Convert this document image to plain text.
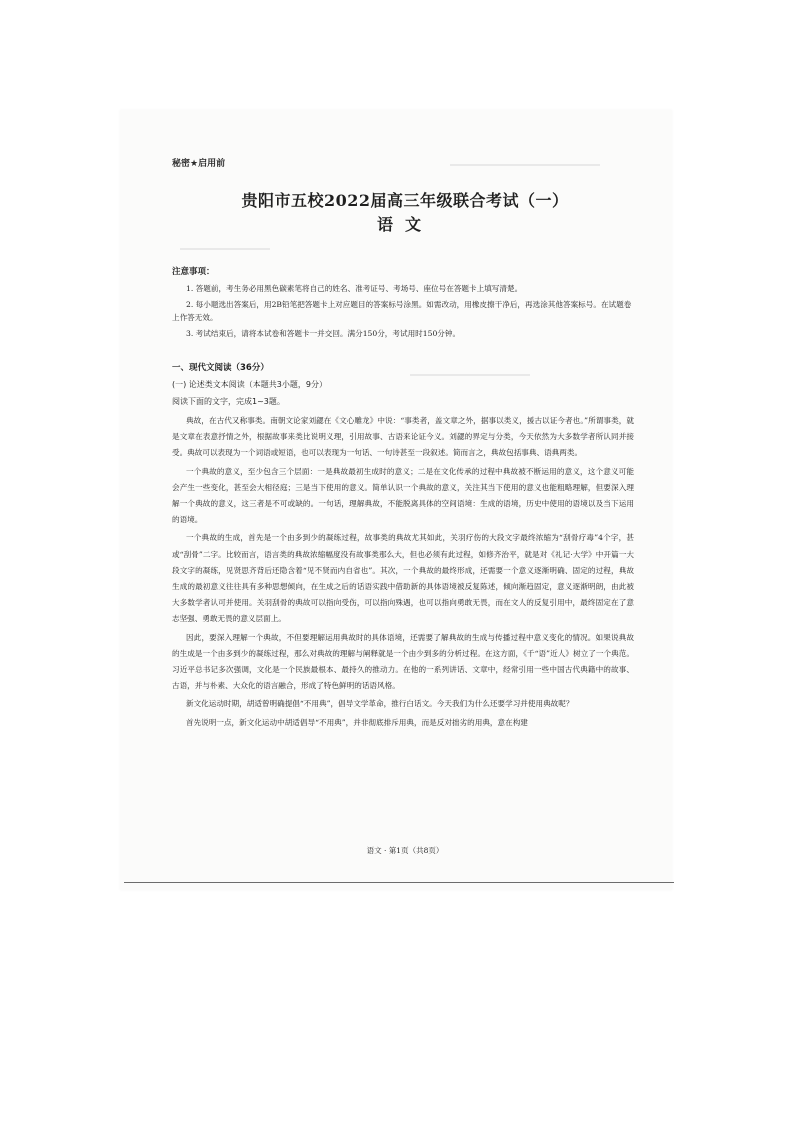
秘密★启用前
贵阳市五校2022届高三年级联合考试（一）
语文
注意事项：

1. 答题前，考生务必用黑色碳素笔将自己的姓名、准考证号、考场号、座位号在答题卡上填写清楚。

2. 每小题选出答案后，用2B铅笔把答题卡上对应题目的答案标号涂黑。如需改动，用橡皮擦干净后，再选涂其他答案标号。在试题卷上作答无效。

3. 考试结束后，请将本试卷和答题卡一并交回。满分150分，考试用时150分钟。

一、现代文阅读（36分）
(一) 论述类文本阅读（本题共3小题，9分）
阅读下面的文字，完成1~3题。

典故，在古代又称事类。南朝文论家刘勰在《文心雕龙》中说：“事类者，盖文章之外，据事以类义，援古以证今者也。”所谓事类，就是文章在表意抒情之外，根据故事来类比说明义理，引用故事、古语来论证今义。刘勰的界定与分类，今天依然为大多数学者所认同并接受。典故可以表现为一个词语或短语，也可以表现为一句话、一句诗甚至一段叙述。简而言之，典故包括事典、语典两类。

一个典故的意义，至少包含三个层面：一是典故最初生成时的意义；二是在文化传承的过程中典故被不断运用的意义，这个意义可能会产生一些变化，甚至会大相径庭；三是当下使用的意义。简单认识一个典故的意义，关注其当下使用的意义也能粗略理解，但要深入理解一个典故的意义，这三者是不可或缺的。一句话，理解典故，不能脱离具体的空间语境：生成的语境，历史中使用的语境以及当下运用的语境。

一个典故的生成，首先是一个由多到少的凝练过程，故事类的典故尤其如此，关羽疗伤的大段文字最终浓缩为“刮骨疗毒”4个字，甚或“刮骨”二字。比较而言，语言类的典故浓缩幅度没有故事类那么大，但也必须有此过程，如修齐治平，就是对《礼记·大学》中开篇一大段文字的凝练，见贤思齐背后还隐含着“见不贤而内自省也”。其次，一个典故的最终形成，还需要一个意义逐渐明确、固定的过程，典故生成的最初意义往往具有多种思想倾向，在生成之后的话语实践中借助新的具体语境被反复陈述，倾向渐趋固定，意义逐渐明朗，由此被大多数学者认可并使用。关羽刮骨的典故可以指向受伤，可以指向殊遇，也可以指向勇敢无畏，而在文人的反复引用中，最终固定在了意志坚强、勇敢无畏的意义层面上。

因此，要深入理解一个典故，不但要理解运用典故时的具体语境，还需要了解典故的生成与传播过程中意义变化的情况。如果说典故的生成是一个由多到少的凝练过程，那么对典故的理解与阐释就是一个由少到多的分析过程。在这方面，《千“语”近人》树立了一个典范。习近平总书记多次强调，文化是一个民族最根本、最持久的推动力。在他的一系列讲话、文章中，经常引用一些中国古代典籍中的故事、古语，并与朴素、大众化的语言融合，形成了特色鲜明的话语风格。

新文化运动时期，胡适曾明确提倡“不用典”，倡导文学革命，推行白话文。今天我们为什么还要学习并使用典故呢？

首先说明一点，新文化运动中胡适倡导“不用典”，并非彻底排斥用典，而是反对拙劣的用典，意在构建

语文 · 第1页（共8页）
